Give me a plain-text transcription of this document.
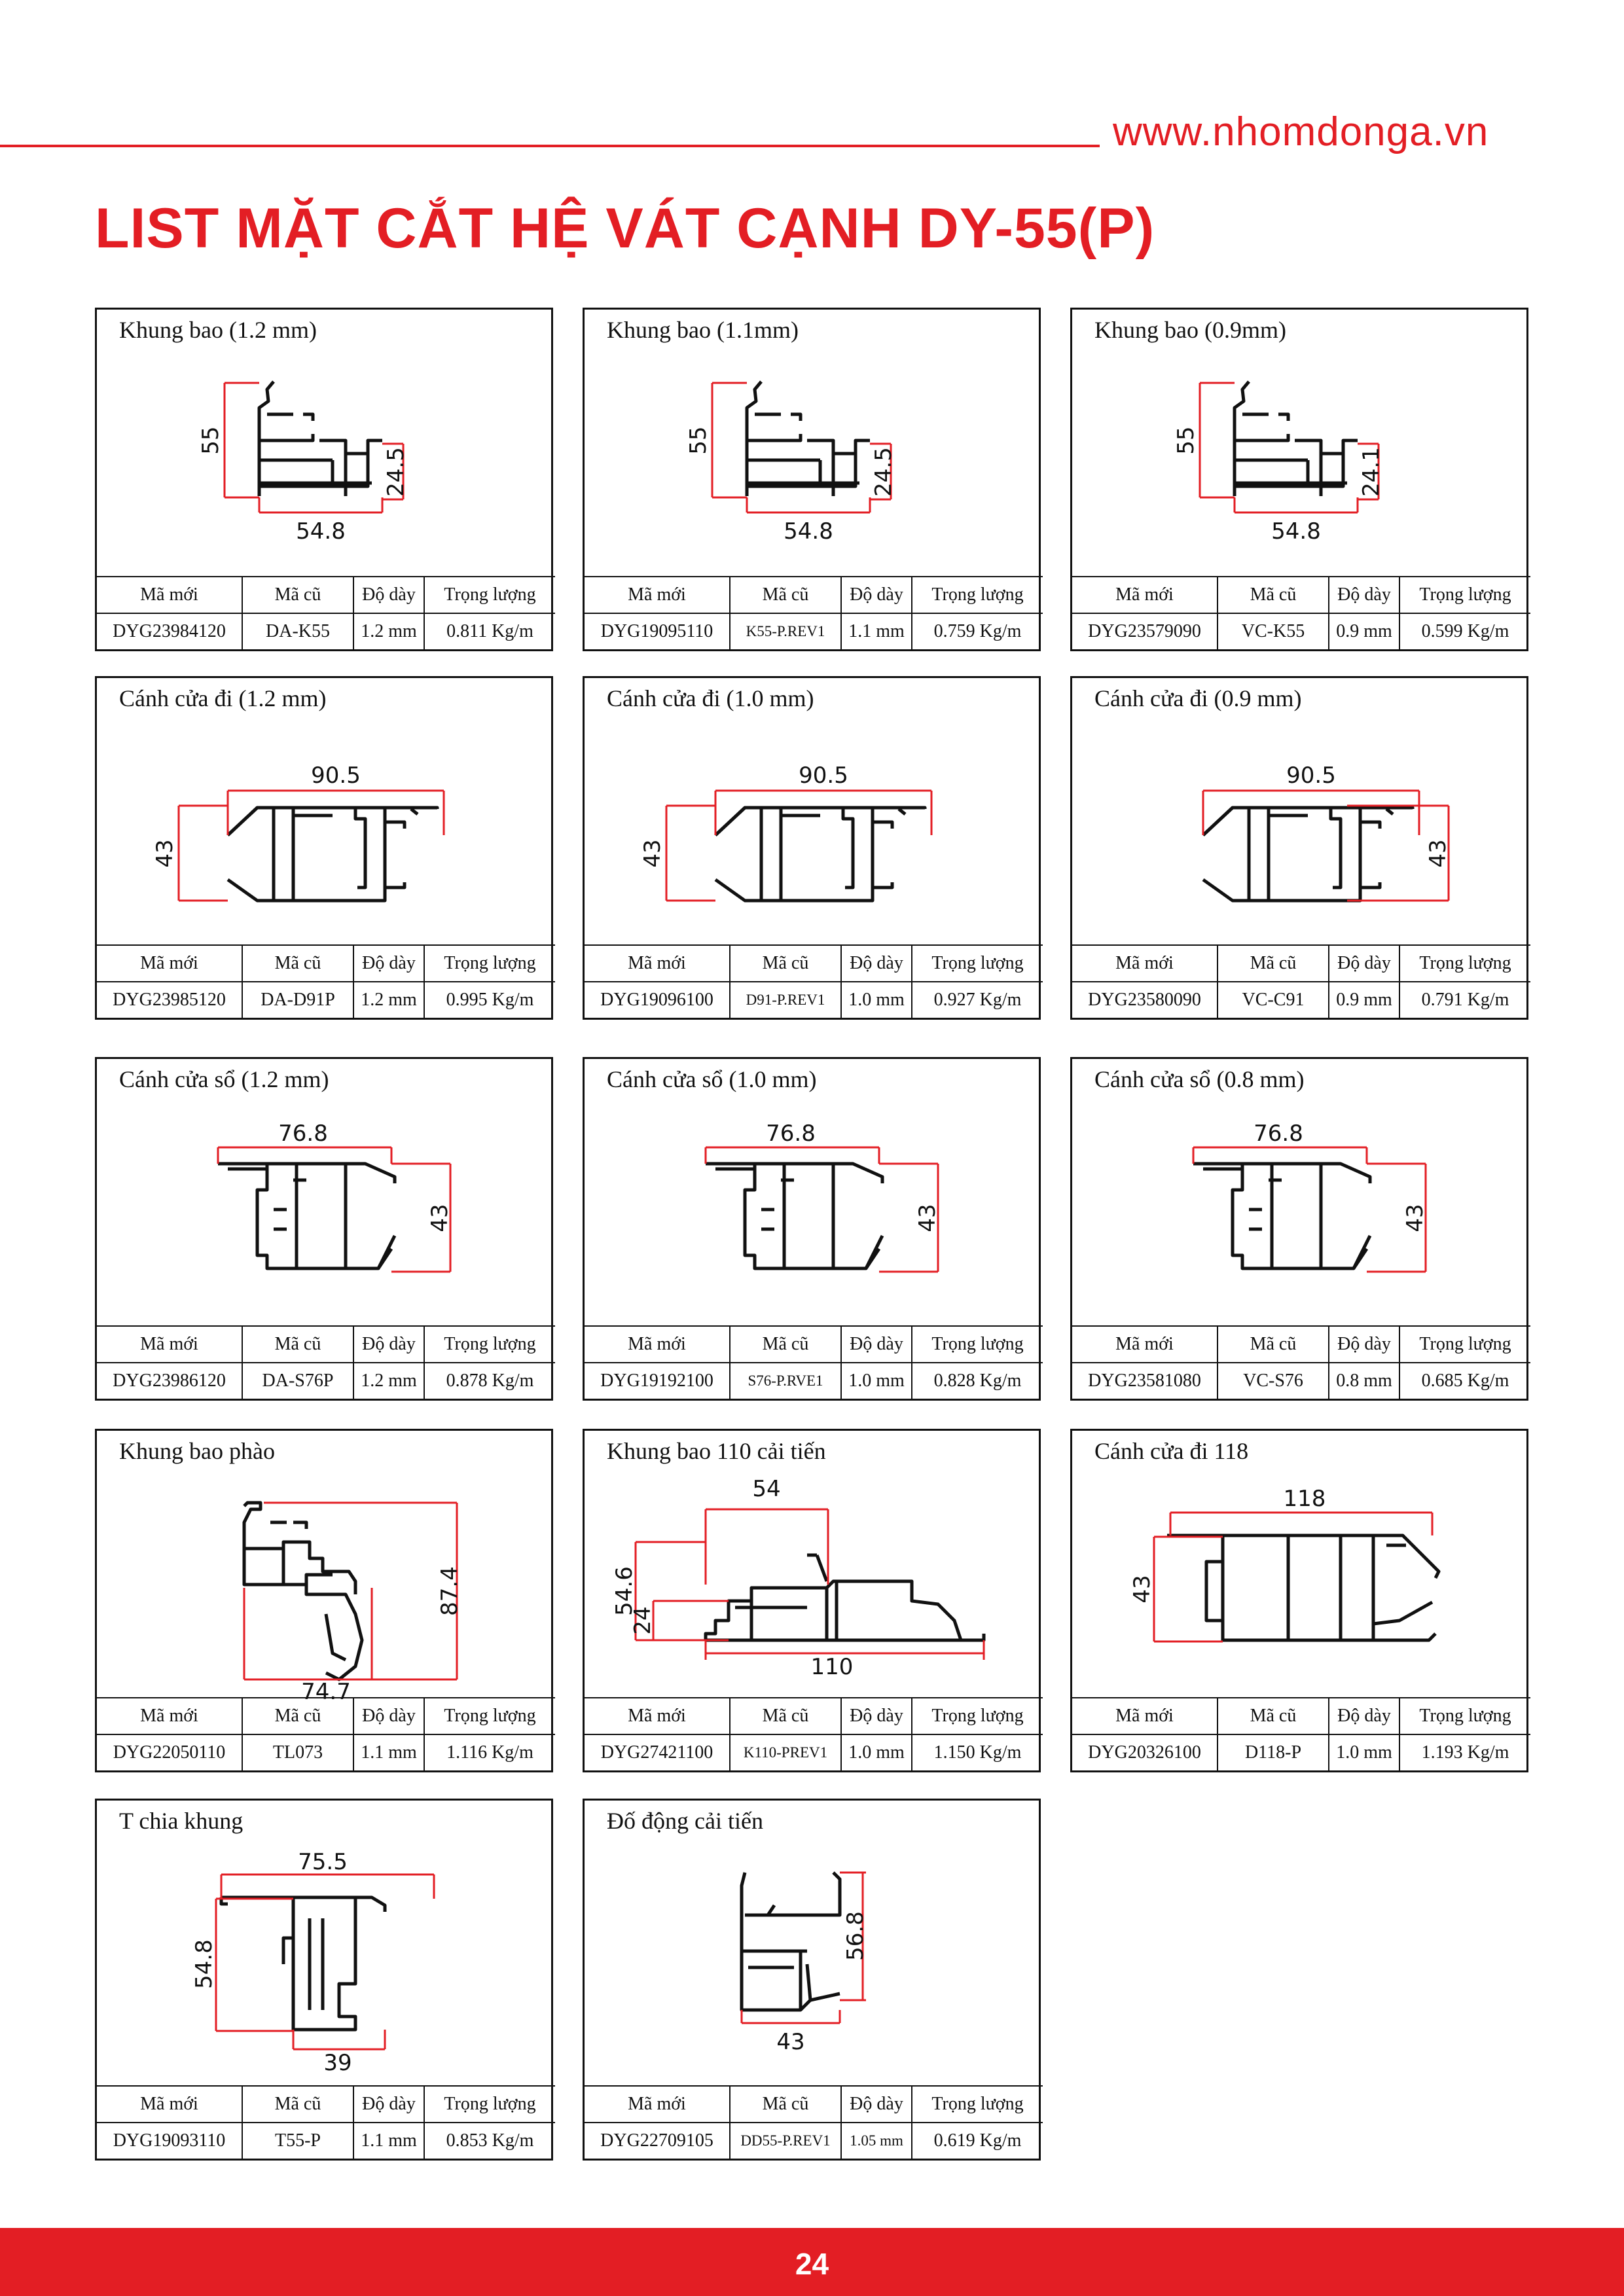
www.nhomdonga.vn
LIST MẶT CẮT HỆ VÁT CẠNH DY-55(P)
Khung bao (1.2 mm)
55
54.8
24.5
Mã mới	Mã cũ	Độ dày	Trọng lượng
DYG23984120	DA-K55	1.2 mm	0.811 Kg/m
Khung bao (1.1mm)
55
54.8
24.5
Mã mới	Mã cũ	Độ dày	Trọng lượng
DYG19095110	K55-P.REV1	1.1 mm	0.759 Kg/m
Khung bao (0.9mm)
55
54.8
24.1
Mã mới	Mã cũ	Độ dày	Trọng lượng
DYG23579090	VC-K55	0.9 mm	0.599 Kg/m
Cánh cửa đi (1.2 mm)
90.5
43
Mã mới	Mã cũ	Độ dày	Trọng lượng
DYG23985120	DA-D91P	1.2 mm	0.995 Kg/m
Cánh cửa đi (1.0 mm)
90.5
43
Mã mới	Mã cũ	Độ dày	Trọng lượng
DYG19096100	D91-P.REV1	1.0 mm	0.927 Kg/m
Cánh cửa đi (0.9 mm)
90.5
43
Mã mới	Mã cũ	Độ dày	Trọng lượng
DYG23580090	VC-C91	0.9 mm	0.791 Kg/m
Cánh cửa sổ (1.2 mm)
76.8
43
Mã mới	Mã cũ	Độ dày	Trọng lượng
DYG23986120	DA-S76P	1.2 mm	0.878 Kg/m
Cánh cửa sổ (1.0 mm)
76.8
43
Mã mới	Mã cũ	Độ dày	Trọng lượng
DYG19192100	S76-P.RVE1	1.0 mm	0.828 Kg/m
Cánh cửa sổ (0.8 mm)
76.8
43
Mã mới	Mã cũ	Độ dày	Trọng lượng
DYG23581080	VC-S76	0.8 mm	0.685 Kg/m
Khung bao phào
74.7
87.4
Mã mới	Mã cũ	Độ dày	Trọng lượng
DYG22050110	TL073	1.1 mm	1.116 Kg/m
Khung bao 110 cải tiến
54
54.6
24
110
Mã mới	Mã cũ	Độ dày	Trọng lượng
DYG27421100	K110-PREV1	1.0 mm	1.150 Kg/m
Cánh cửa đi 118
118
43
Mã mới	Mã cũ	Độ dày	Trọng lượng
DYG20326100	D118-P	1.0 mm	1.193 Kg/m
T chia khung
75.5
54.8
39
Mã mới	Mã cũ	Độ dày	Trọng lượng
DYG19093110	T55-P	1.1 mm	0.853 Kg/m
Đố động cải tiến
56.8
43
Mã mới	Mã cũ	Độ dày	Trọng lượng
DYG22709105	DD55-P.REV1	1.05 mm	0.619 Kg/m
24
